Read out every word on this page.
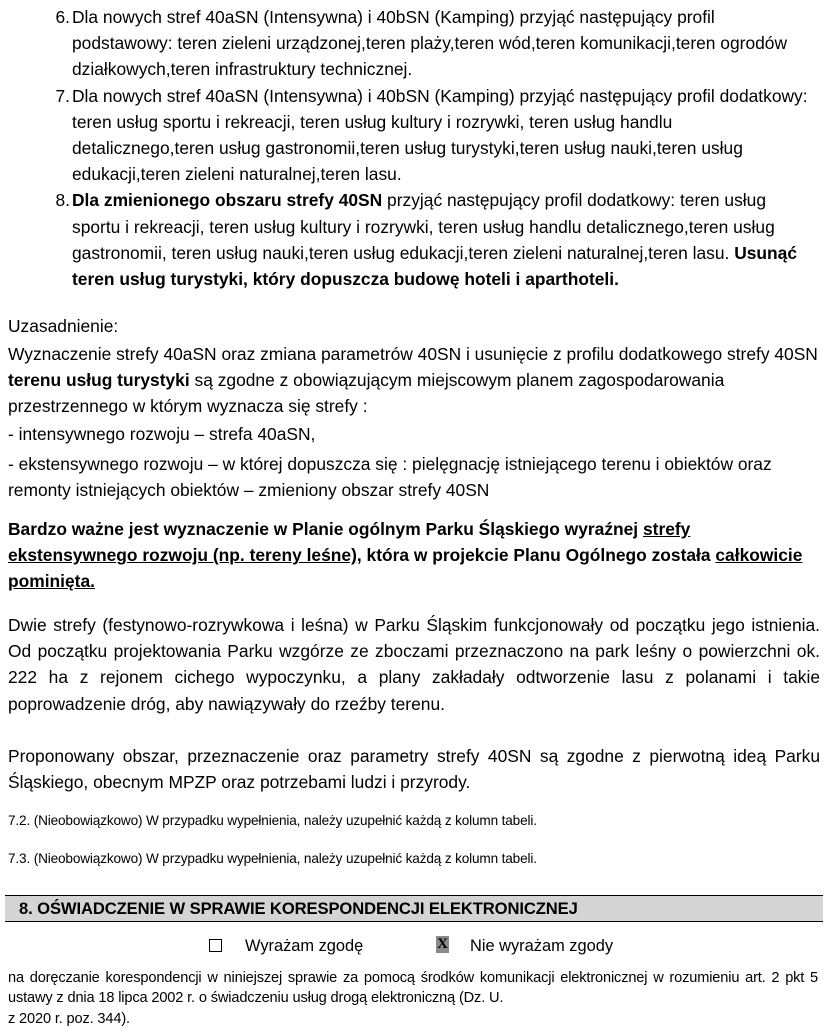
6. Dla nowych stref 40aSN (Intensywna) i 40bSN (Kamping) przyjąć następujący profil podstawowy: teren zieleni urządzonej,teren plaży,teren wód,teren komunikacji,teren ogrodów działkowych,teren infrastruktury technicznej.
7. Dla nowych stref 40aSN (Intensywna) i 40bSN (Kamping) przyjąć następujący profil dodatkowy: teren usług sportu i rekreacji, teren usług kultury i rozrywki, teren usług handlu detalicznego,teren usług gastronomii,teren usług turystyki,teren usług nauki,teren usług edukacji,teren zieleni naturalnej,teren lasu.
8. Dla zmienionego obszaru strefy 40SN przyjąć następujący profil dodatkowy: teren usług sportu i rekreacji, teren usług kultury i rozrywki, teren usług handlu detalicznego,teren usług gastronomii, teren usług nauki,teren usług edukacji,teren zieleni naturalnej,teren lasu. Usunąć teren usług turystyki, który dopuszcza budowę hoteli i aparthoteli.
Uzasadnienie:
Wyznaczenie strefy 40aSN oraz zmiana parametrów 40SN i usunięcie z profilu dodatkowego strefy 40SN terenu usług turystyki są zgodne z obowiązującym miejscowym planem zagospodarowania przestrzennego w którym wyznacza się strefy :
- intensywnego rozwoju – strefa 40aSN,
- ekstensywnego rozwoju – w której dopuszcza się : pielęgnację istniejącego terenu i obiektów oraz remonty istniejących obiektów – zmieniony obszar strefy 40SN
Bardzo ważne jest wyznaczenie w Planie ogólnym Parku Śląskiego wyraźnej strefy ekstensywnego rozwoju (np. tereny leśne), która w projekcie Planu Ogólnego została całkowicie pominięta.
Dwie strefy (festynowo-rozrywkowa i leśna) w Parku Śląskim funkcjonowały od początku jego istnienia. Od początku projektowania Parku wzgórze ze zboczami przeznaczono na park leśny o powierzchni ok. 222 ha z rejonem cichego wypoczynku, a plany zakładały odtworzenie lasu z polanami i takie poprowadzenie dróg, aby nawiązywały do rzeźby terenu.
Proponowany obszar, przeznaczenie oraz parametry strefy 40SN są zgodne z pierwotną ideą Parku Śląskiego, obecnym MPZP oraz potrzebami ludzi i przyrody.
7.2. (Nieobowiązkowo) W przypadku wypełnienia, należy uzupełnić każdą z kolumn tabeli.
7.3. (Nieobowiązkowo) W przypadku wypełnienia, należy uzupełnić każdą z kolumn tabeli.
8. OŚWIADCZENIE W SPRAWIE KORESPONDENCJI ELEKTRONICZNEJ
Wyrażam zgodę	X Nie wyrażam zgody
na doręczanie korespondencji w niniejszej sprawie za pomocą środków komunikacji elektronicznej w rozumieniu art. 2 pkt 5 ustawy z dnia 18 lipca 2002 r. o świadczeniu usług drogą elektroniczną (Dz. U.
z 2020 r. poz. 344).
